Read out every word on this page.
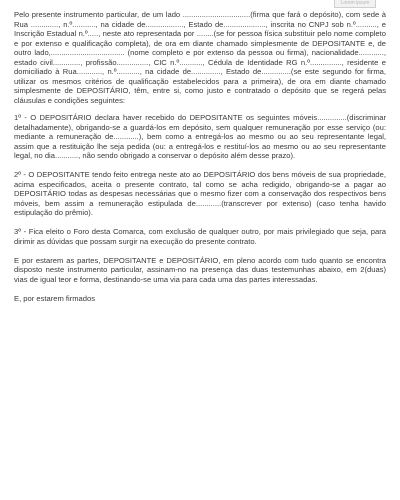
Lorem ipsum

Pelo presente instrumento particular, de um lado ................................(firma que fará o depósito), com sede à Rua ............., n.º..........., na cidade de.................., Estado de...................., inscrita no CNPJ sob n.º.........., e Inscrição Estadual n.º....., neste ato representada por ........(se for pessoa física substituir pelo nome completo e por extenso e qualificação completa), de ora em diante chamado simplesmente de DEPOSITANTE e, de outro lado,................................... (nome completo e por extenso da pessoa ou firma), nacionalidade............, estado civil............., profissão..............., CIC n.º..........., Cédula de Identidade RG n.º..............., residente e domiciliado à Rua............, n.º..........., na cidade de.............., Estado de..............(se este segundo for firma, utilizar os mesmos critérios de qualificação estabelecidos para a primeira), de ora em diante chamado simplesmente de DEPOSITÁRIO, têm, entre si, como justo e contratado o depósito que se regerá pelas cláusulas e condições seguintes:

1º - O DEPOSITÁRIO declara haver recebido do DEPOSITANTE os seguintes móveis..............(discriminar detalhadamente), obrigando-se a guardá-los em depósito, sem qualquer remuneração por esse serviço (ou: mediante a remuneração de............), bem como a entregá-los ao mesmo ou ao seu representante legal, assim que a restituição lhe seja pedida (ou: a entregá-los e restituí-los ao mesmo ou ao seu representante legal, no dia..........., não sendo obrigado a conservar o depósito além desse prazo).

2º - O DEPOSITANTE tendo feito entrega neste ato ao DEPOSITÁRIO dos bens móveis de sua propriedade, acima especificados, aceita o presente contrato, tal como se acha redigido, obrigando-se a pagar ao DEPOSITÁRIO todas as despesas necessárias que o mesmo fizer com a conservação dos respectivos bens móveis, bem assim a remuneração estipulada de............(transcrever por extenso) (caso tenha havido estipulação do prêmio).

3º - Fica eleito o Foro desta Comarca, com exclusão de qualquer outro, por mais privilegiado que seja, para dirimir as dúvidas que possam surgir na execução do presente contrato.

E por estarem as partes, DEPOSITANTE e DEPOSITÁRIO, em pleno acordo com tudo quanto se encontra disposto neste instrumento particular, assinam-no na presença das duas testemunhas abaixo, em 2(duas) vias de igual teor e forma, destinando-se uma via para cada uma das partes interessadas.

E, por estarem firmados
